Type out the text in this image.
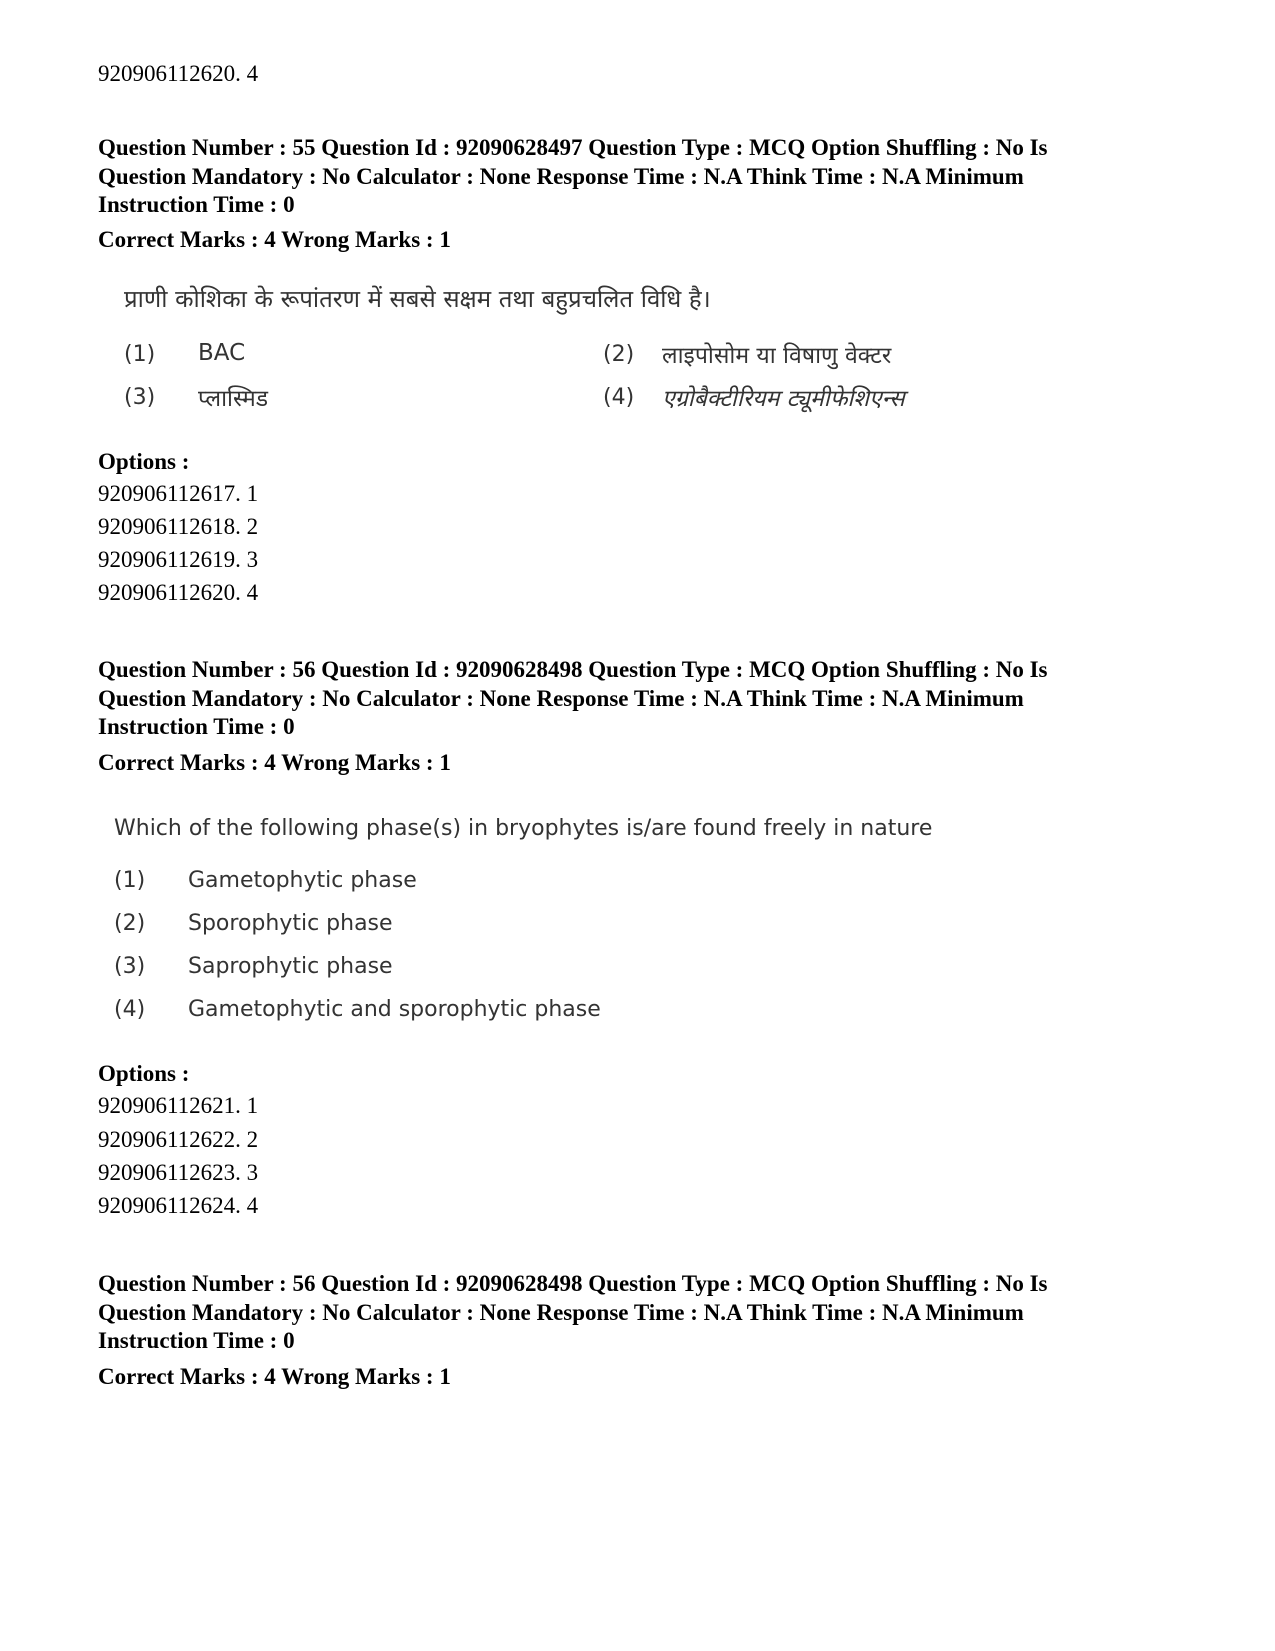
920906112620. 4
Question Number : 55 Question Id : 92090628497 Question Type : MCQ Option Shuffling : No Is
Question Mandatory : No Calculator : None Response Time : N.A Think Time : N.A Minimum
Instruction Time : 0
Correct Marks : 4 Wrong Marks : 1
प्राणी कोशिका के रूपांतरण में सबसे सक्षम तथा बहुप्रचलित विधि है।
(1) BAC	(2) लाइपोसोम या विषाणु वेक्टर
(3) प्लास्मिड	(4) एग्रोबैक्टीरियम ट्यूमीफेशिएन्स
Options :
920906112617. 1
920906112618. 2
920906112619. 3
920906112620. 4
Question Number : 56 Question Id : 92090628498 Question Type : MCQ Option Shuffling : No Is
Question Mandatory : No Calculator : None Response Time : N.A Think Time : N.A Minimum
Instruction Time : 0
Correct Marks : 4 Wrong Marks : 1
Which of the following phase(s) in bryophytes is/are found freely in nature
(1) Gametophytic phase
(2) Sporophytic phase
(3) Saprophytic phase
(4) Gametophytic and sporophytic phase
Options :
920906112621. 1
920906112622. 2
920906112623. 3
920906112624. 4
Question Number : 56 Question Id : 92090628498 Question Type : MCQ Option Shuffling : No Is
Question Mandatory : No Calculator : None Response Time : N.A Think Time : N.A Minimum
Instruction Time : 0
Correct Marks : 4 Wrong Marks : 1
